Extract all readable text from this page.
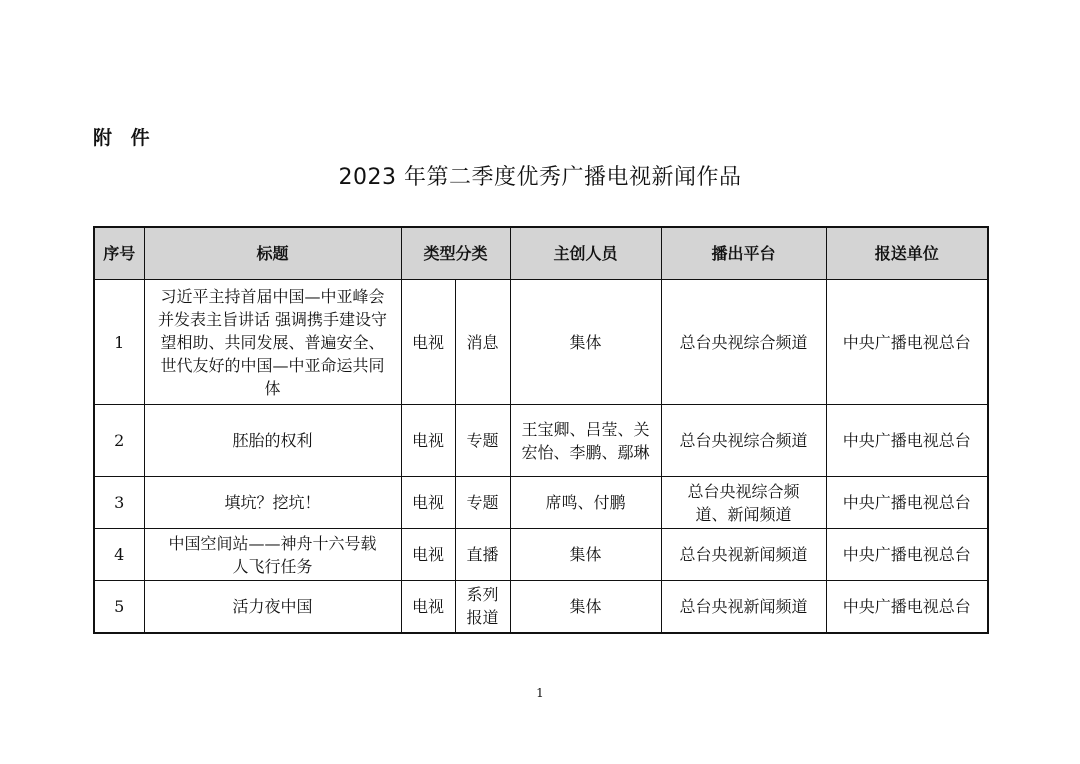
附 件
2023 年第二季度优秀广播电视新闻作品
序号	标题	类型分类		主创人员	播出平台	报送单位
1	习近平主持首届中国—中亚峰会并发表主旨讲话 强调携手建设守望相助、共同发展、普遍安全、世代友好的中国—中亚命运共同体	电视	消息	集体	总台央视综合频道	中央广播电视总台
2	胚胎的权利	电视	专题	王宝卿、吕莹、关宏怡、李鹏、鄢琳	总台央视综合频道	中央广播电视总台
3	填坑？挖坑！	电视	专题	席鸣、付鹏	总台央视综合频道、新闻频道	中央广播电视总台
4	中国空间站——神舟十六号载人飞行任务	电视	直播	集体	总台央视新闻频道	中央广播电视总台
5	活力夜中国	电视	系列报道	集体	总台央视新闻频道	中央广播电视总台
1
